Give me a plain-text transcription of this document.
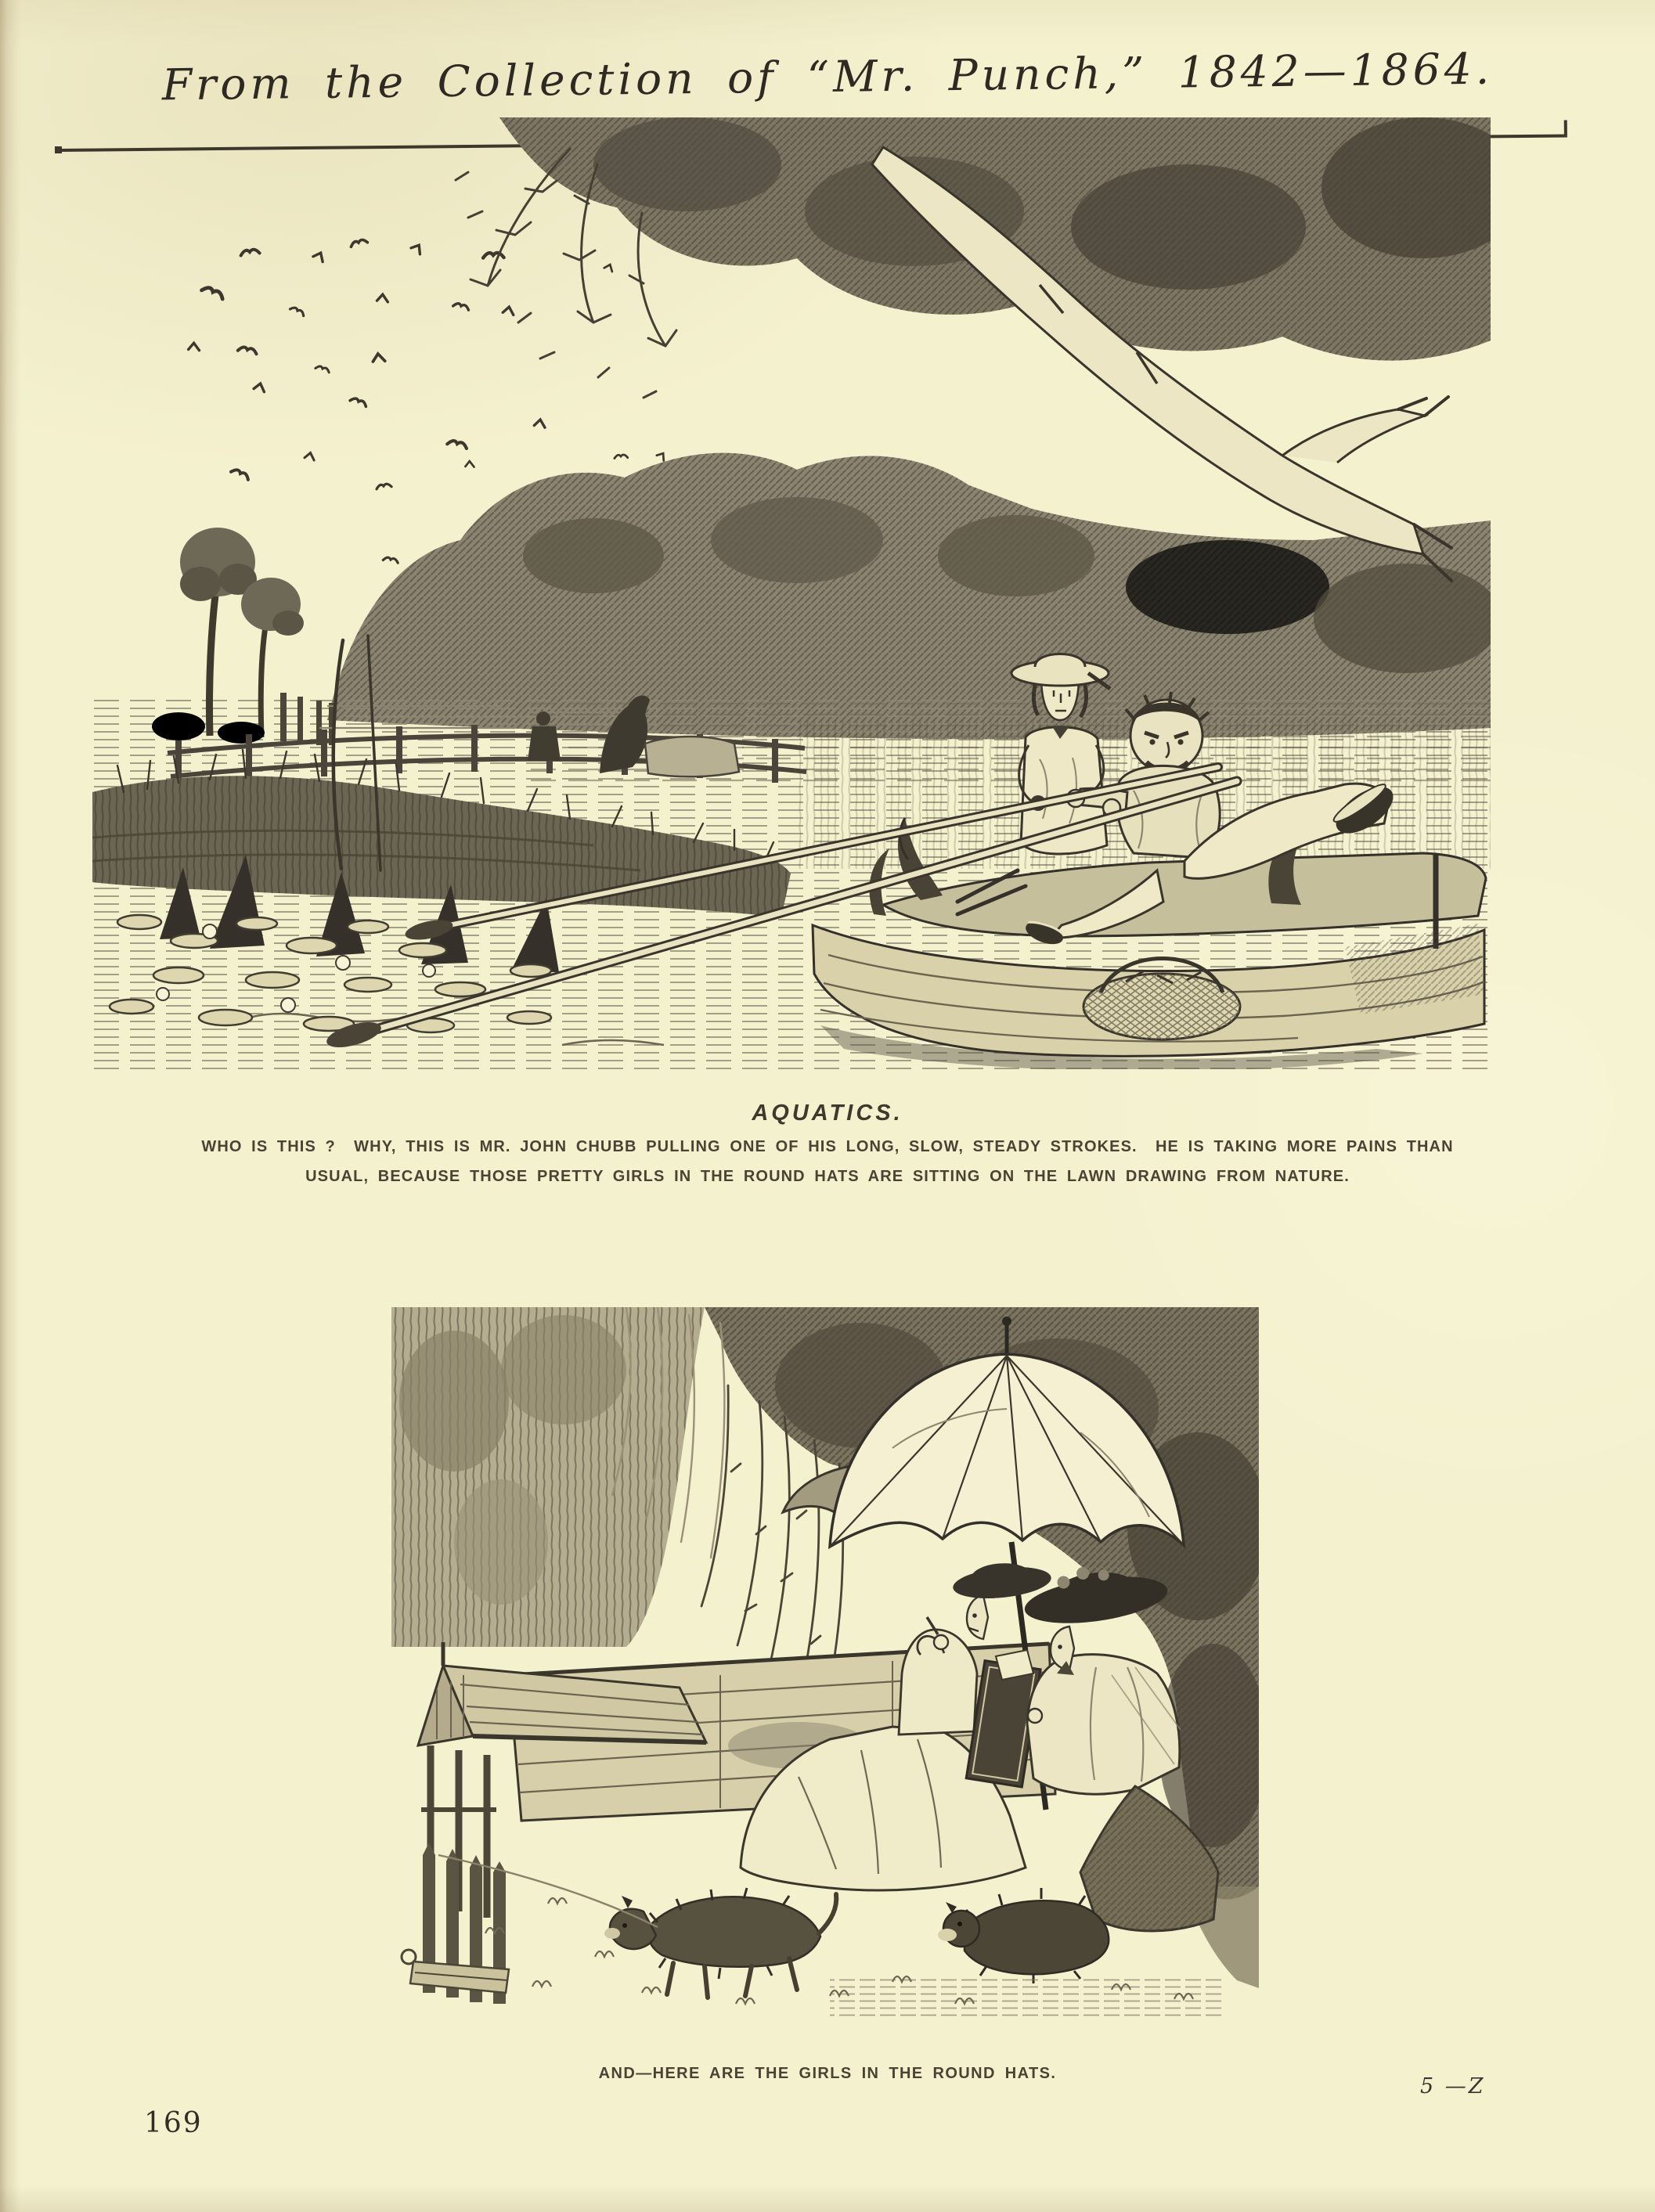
From the Collection of “Mr. Punch,” 1842—1864.
AQUATICS.
WHO IS THIS ?  WHY, THIS IS MR. JOHN CHUBB PULLING ONE OF HIS LONG, SLOW, STEADY STROKES.  HE IS TAKING MORE PAINS THAN
USUAL, BECAUSE THOSE PRETTY GIRLS IN THE ROUND HATS ARE SITTING ON THE LAWN DRAWING FROM NATURE.
AND—HERE ARE THE GIRLS IN THE ROUND HATS.
169
5 —Z
